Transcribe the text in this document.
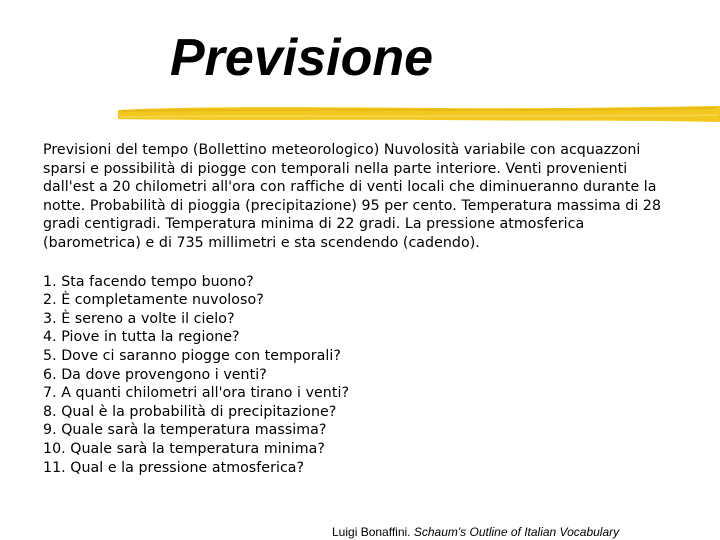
Previsione

Previsioni del tempo (Bollettino meteorologico) Nuvolosità variabile con acquazzoni sparsi e possibilità di piogge con temporali nella parte interiore. Venti provenienti dall'est a 20 chilometri all'ora con raffiche di venti locali che diminueranno durante la notte. Probabilità di pioggia (precipitazione) 95 per cento. Temperatura massima di 28 gradi centigradi. Temperatura minima di 22 gradi. La pressione atmosferica (barometrica) e di 735 millimetri e sta scendendo (cadendo).

1. Sta facendo tempo buono?
2. È completamente nuvoloso?
3. È sereno a volte il cielo?
4. Piove in tutta la regione?
5. Dove ci saranno piogge con temporali?
6. Da dove provengono i venti?
7. A quanti chilometri all'ora tirano i venti?
8. Qual è la probabilità di precipitazione?
9. Quale sarà la temperatura massima?
10. Quale sarà la temperatura minima?
11. Qual e la pressione atmosferica?
Luigi Bonaffini. Schaum's Outline of Italian Vocabulary
